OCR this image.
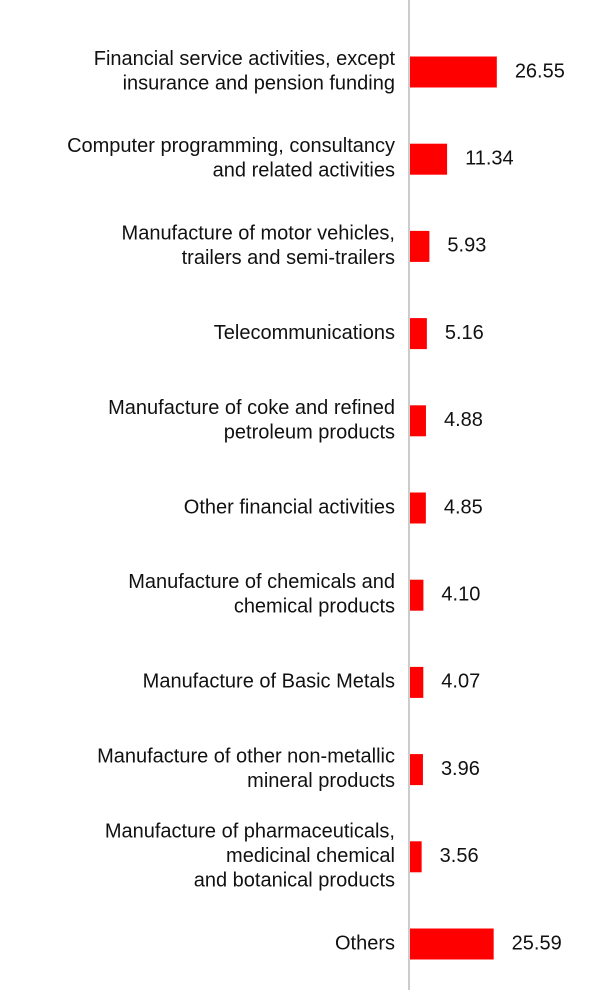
Financial service activities, except
insurance and pension funding
26.55
Computer programming, consultancy
and related activities
11.34
Manufacture of motor vehicles,
trailers and semi-trailers
5.93
Telecommunications 5.16
Manufacture of coke and refined
petroleum products
4.88
Other financial activities 4.85
Manufacture of chemicals and
chemical products
4.10
Manufacture of Basic Metals 4.07
Manufacture of other non-metallic
mineral products
3.96
Manufacture of pharmaceuticals,
medicinal chemical
and botanical products
3.56
Others	25.59
